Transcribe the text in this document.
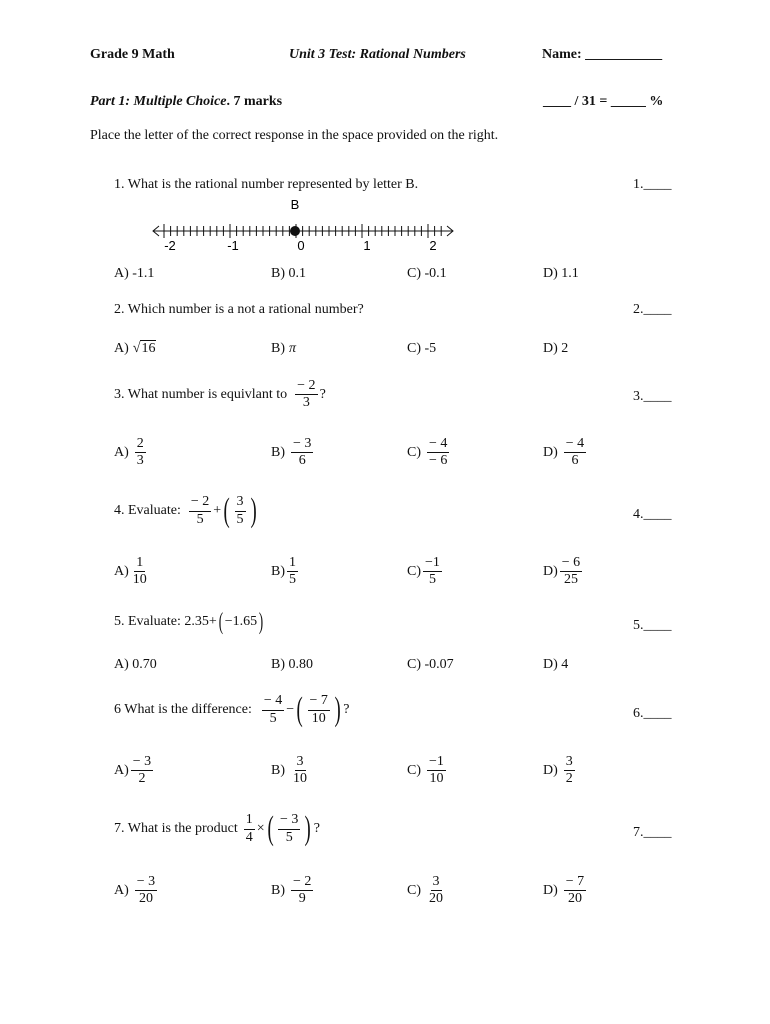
Grade 9 Math	Unit 3 Test: Rational Numbers	Name: ___________
Part 1: Multiple Choice. 7 marks	____ / 31 = _____ %
Place the letter of the correct response in the space provided on the right.
1. What is the rational number represented by letter B.	1.____
B
-2	-1	0	1	2
A) -1.1	B) 0.1	C) -0.1	D) 1.1
2. Which number is a not a rational number?	2.____
A) √ 16	B) π	C) -5	D) 2
3. What number is equivlant to $\frac{- 2}{3}$ ?	3.____
$A) \frac{2}{3}$	$B) \frac{- 3}{6}$	$C) \frac{- 4}{- 6}$	$D) \frac{- 4}{6}$
4. Evaluate: $\frac{- 2}{5}$ + ( $\frac{3}{5}$ )	4.____
$A) \frac{1}{10}$	$B) \frac{1}{5}$	$C) \frac{-1}{5}$	$D) \frac{- 6}{25}$
5. Evaluate: 2.35+ ( −1.65 )	5.____
A) 0.70	B) 0.80	C) -0.07	D) 4
6 What is the difference: $\frac{- 4}{5}$ − ( $\frac{- 7}{10}$ ) ?	6.____
$A) \frac{- 3}{2}$	$B) \frac{3}{10}$	$C) \frac{-1}{10}$	$D) \frac{3}{2}$
7. What is the product $\frac{1}{4}$ × ( $\frac{- 3}{5}$ ) ?	7.____
$A) \frac{- 3}{20}$	$B) \frac{- 2}{9}$	$C) \frac{3}{20}$	$D) \frac{- 7}{20}$
